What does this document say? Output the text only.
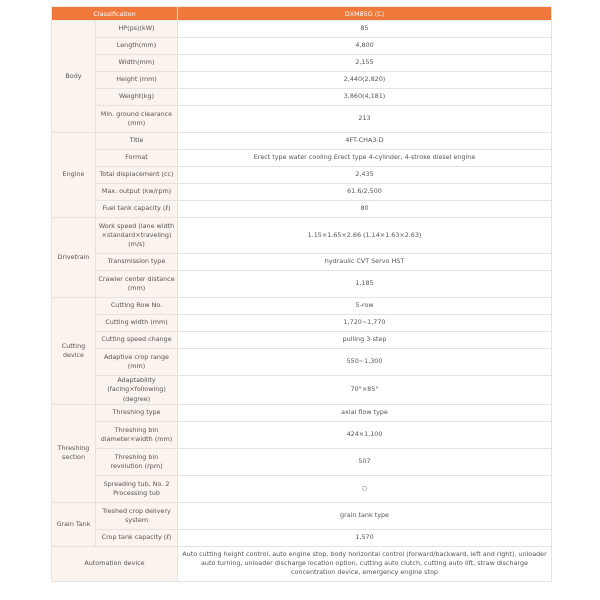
Classification		DXM85G (C)
Body	HP(ps)(kW)	85
	Length(mm)	4,800
	Width(mm)	2,155
	Height (mm)	2,440(2,820)
	Weight(kg)	3,860(4,181)
	Min. ground clearance (mm)	213
Engine	Title	4FT-CHA3-D
	Format	Erect type water cooling Erect type 4-cylinder, 4-stroke diesel engine
	Total displacement (cc)	2,435
	Max. output (kw/rpm)	61.6/2,500
	Fuel tank capacity (ℓ)	80
Drivetrain	Work speed (lane width ×standard×traveling) (m/s)	1.15×1.65×2.66 (1.14×1.63×2.63)
	Transmission type	hydraulic CVT Servo HST
	Crawler center distance (mm)	1,185
Cutting device	Cutting Row No.	5-row
	Cutting width (mm)	1,720~1,770
	Cutting speed change	pulling 3-step
	Adaptive crop range (mm)	550~1,300
	Adaptability (facing×following)(degree)	70°×85°
Threshing section	Threshing type	axial flow type
	Threshing bin diameter×width (mm)	424×1,100
	Threshing bin revolution (rpm)	507
	Spreading tub, No. 2 Processing tub	○
Grain Tank	Treshed crop delivery system	grain tank type
	Crop tank capacity (ℓ)	1,570
Automation device		Auto cutting height control, auto engine stop, body horizontal control (forward/backward, left and right), unloader auto turning, unloader discharge location option, cutting auto clutch, cutting auto lift, straw discharge concentration device, emergency engine stop
